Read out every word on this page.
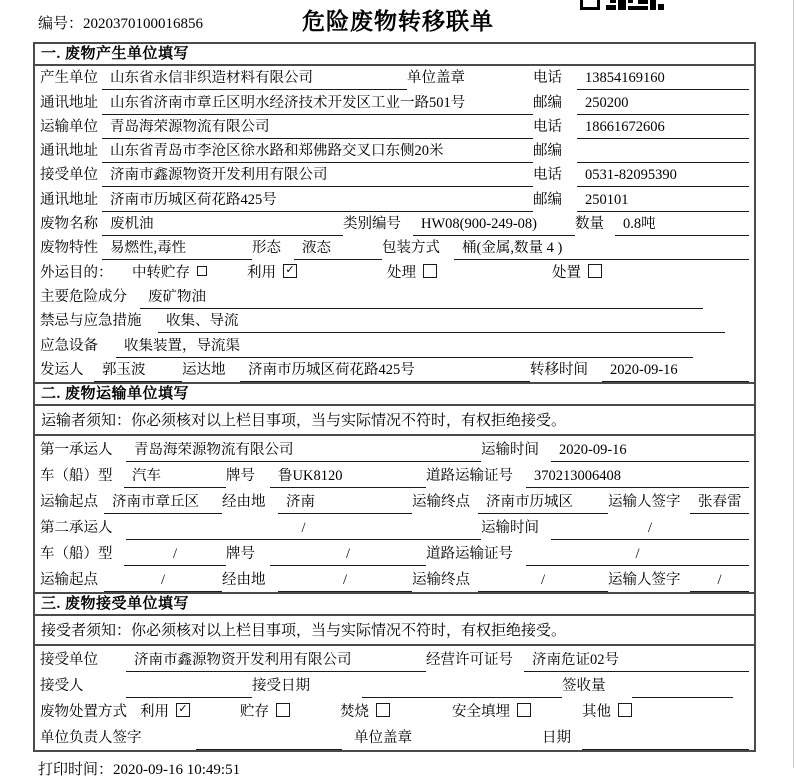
编号：2020370100016856	危险废物转移联单
一. 废物产生单位填写
产生单位 山东省永信非织造材料有限公司	单位盖章	电话	13854169160
通讯地址 山东省济南市章丘区明水经济技术开发区工业一路501号	邮编	250200
运输单位 青岛海荣源物流有限公司	电话	18661672606
通讯地址 山东省青岛市李沧区徐水路和郑佛路交叉口东侧20米	邮编
接受单位 济南市鑫源物资开发利用有限公司	电话	0531-82095390
通讯地址 济南市历城区荷花路425号	邮编	250101
废物名称 废机油	类别编号	HW08(900-249-08)	数量	0.8吨
废物特性 易燃性,毒性	形态	液态	包装方式	桶(金属,数量 4 )
外运目的：	中转贮存	利用 ✓	处理	处置
主要危险成分	废矿物油
禁忌与应急措施	收集、导流
应急设备	收集装置，导流渠
发运人	郭玉波	运达地	济南市历城区荷花路425号	转移时间	2020-09-16
二. 废物运输单位填写
运输者须知：你必须核对以上栏目事项，当与实际情况不符时，有权拒绝接受。
第一承运人	青岛海荣源物流有限公司	运输时间	2020-09-16
车（船）型	汽车	牌号	鲁UK8120	道路运输证号	370213006408
运输起点 济南市章丘区	经由地	济南	运输终点	济南市历城区	运输人签字	张春雷
第二承运人	/	运输时间	/
车（船）型	/	牌号	/	道路运输证号	/
运输起点	/	经由地	/	运输终点	/	运输人签字	/
三. 废物接受单位填写
接受者须知：你必须核对以上栏目事项，当与实际情况不符时，有权拒绝接受。
接受单位	济南市鑫源物资开发利用有限公司	经营许可证号	济南危证02号
接受人	接受日期	签收量
废物处置方式 利用 ✓	贮存	焚烧	安全填埋	其他
单位负责人签字	单位盖章	日期
打印时间：2020-09-16 10:49:51
